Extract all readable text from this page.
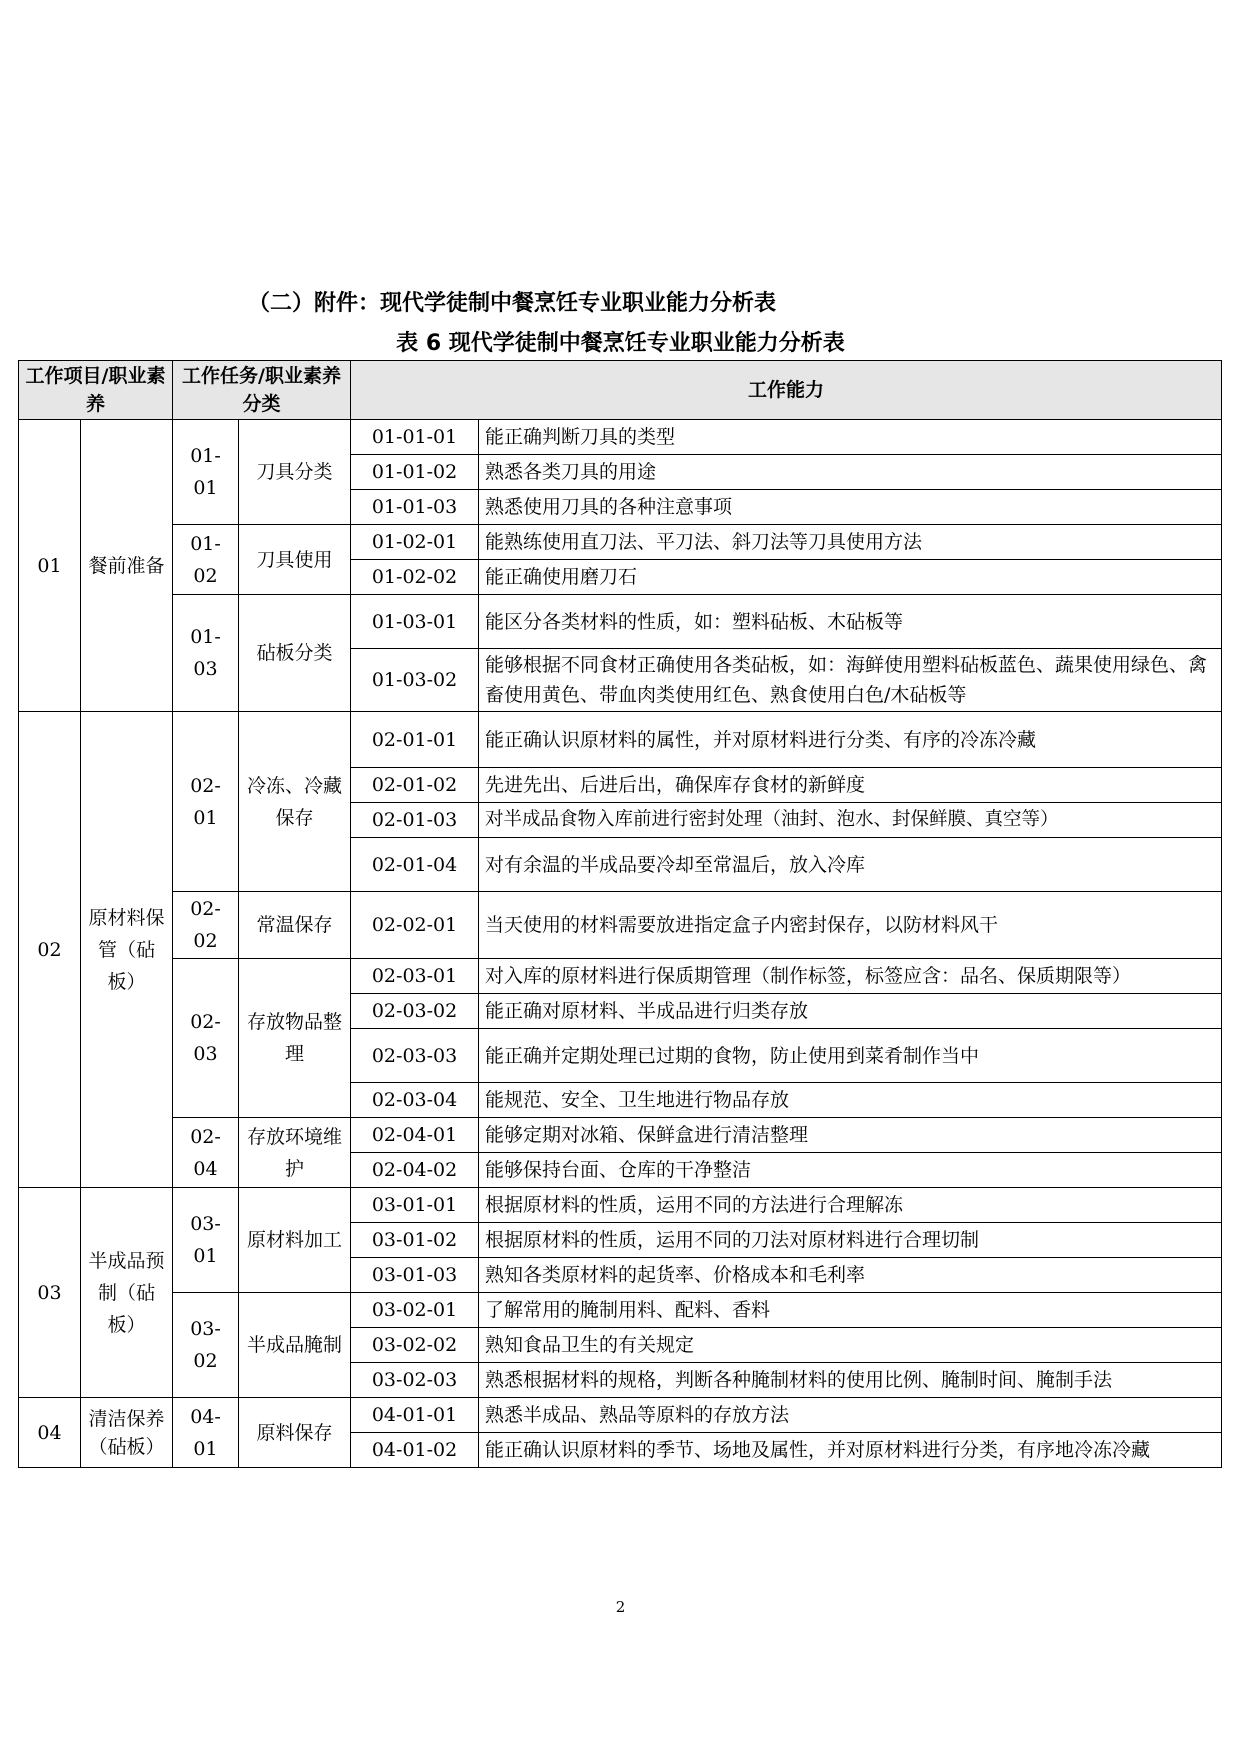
（二）附件：现代学徒制中餐烹饪专业职业能力分析表
表 6 现代学徒制中餐烹饪专业职业能力分析表
工作项目/职业素养		工作任务/职业素养分类		工作能力	
01	餐前准备	01-01	刀具分类	01-01-01	能正确判断刀具的类型
				01-01-02	熟悉各类刀具的用途
				01-01-03	熟悉使用刀具的各种注意事项
		01-02	刀具使用	01-02-01	能熟练使用直刀法、平刀法、斜刀法等刀具使用方法
				01-02-02	能正确使用磨刀石
		01-03	砧板分类	01-03-01	能区分各类材料的性质，如：塑料砧板、木砧板等
				01-03-02	能够根据不同食材正确使用各类砧板，如：海鲜使用塑料砧板蓝色、蔬果使用绿色、禽畜使用黄色、带血肉类使用红色、熟食使用白色/木砧板等
02	原材料保管（砧板）	02-01	冷冻、冷藏保存	02-01-01	能正确认识原材料的属性，并对原材料进行分类、有序的冷冻冷藏
				02-01-02	先进先出、后进后出，确保库存食材的新鲜度
				02-01-03	对半成品食物入库前进行密封处理（油封、泡水、封保鲜膜、真空等）
				02-01-04	对有余温的半成品要冷却至常温后，放入冷库
		02-02	常温保存	02-02-01	当天使用的材料需要放进指定盒子内密封保存，以防材料风干
		02-03	存放物品整理	02-03-01	对入库的原材料进行保质期管理（制作标签，标签应含：品名、保质期限等）
				02-03-02	能正确对原材料、半成品进行归类存放
				02-03-03	能正确并定期处理已过期的食物，防止使用到菜肴制作当中
				02-03-04	能规范、安全、卫生地进行物品存放
		02-04	存放环境维护	02-04-01	能够定期对冰箱、保鲜盒进行清洁整理
				02-04-02	能够保持台面、仓库的干净整洁
03	半成品预制（砧板）	03-01	原材料加工	03-01-01	根据原材料的性质，运用不同的方法进行合理解冻
				03-01-02	根据原材料的性质，运用不同的刀法对原材料进行合理切制
				03-01-03	熟知各类原材料的起货率、价格成本和毛利率
		03-02	半成品腌制	03-02-01	了解常用的腌制用料、配料、香料
				03-02-02	熟知食品卫生的有关规定
				03-02-03	熟悉根据材料的规格，判断各种腌制材料的使用比例、腌制时间、腌制手法
04	清洁保养（砧板）	04-01	原料保存	04-01-01	熟悉半成品、熟品等原料的存放方法
				04-01-02	能正确认识原材料的季节、场地及属性，并对原材料进行分类，有序地冷冻冷藏
2
